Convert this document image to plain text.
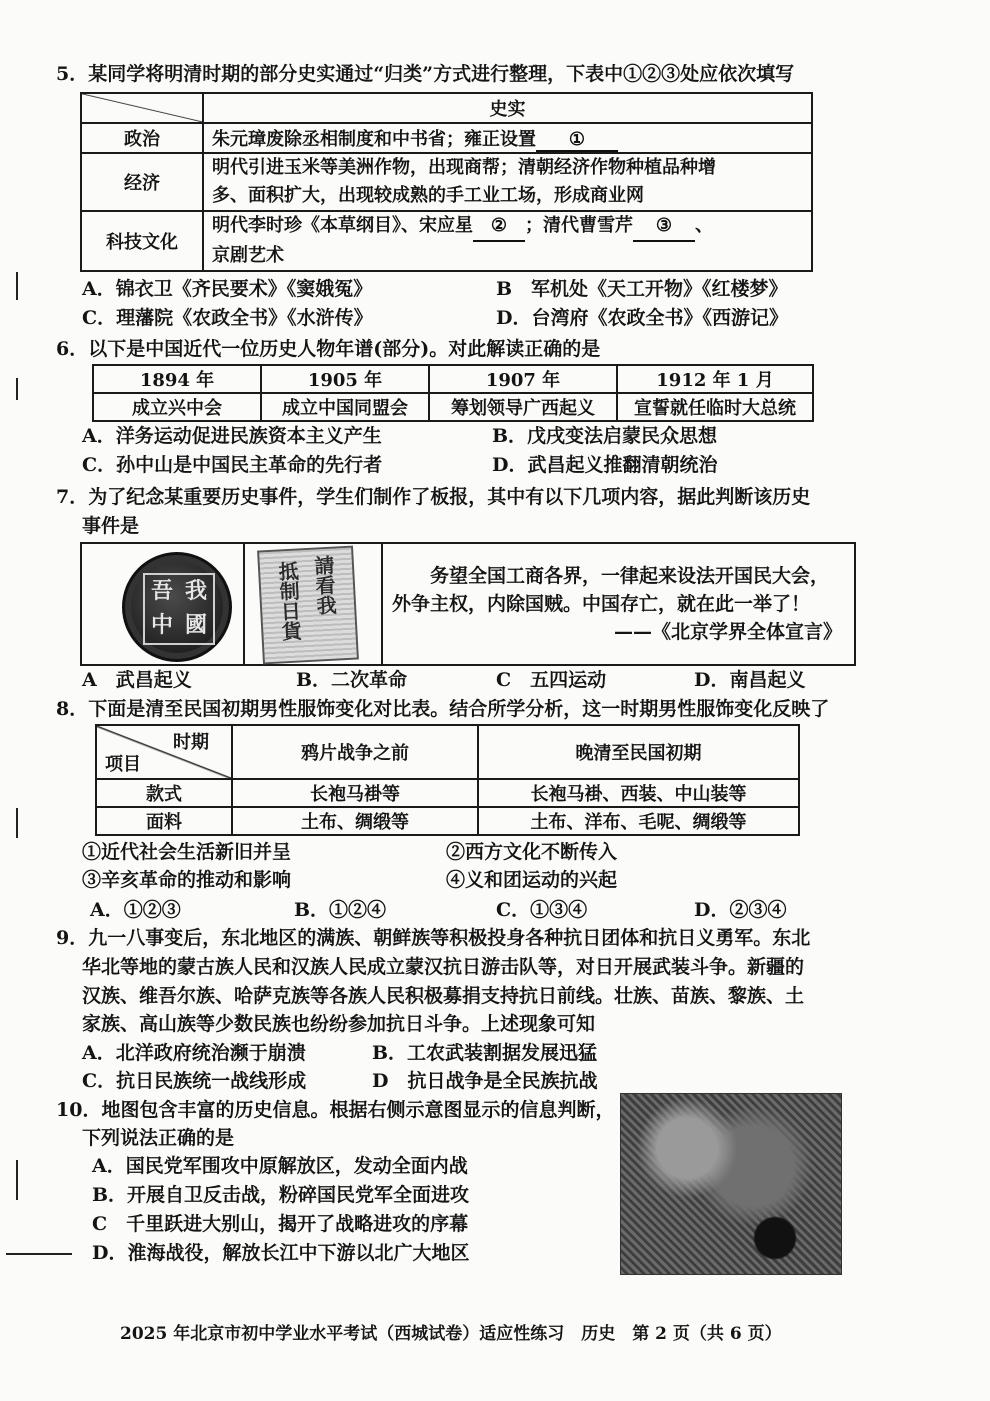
5．某同学将明清时期的部分史实通过“归类”方式进行整理，下表中①②③处应依次填写
	史实
政治	朱元璋废除丞相制度和中书省；雍正设置 ①
经济	明代引进玉米等美洲作物，出现商帮；清朝经济作物种植品种增
多、面积扩大，出现较成熟的手工业工场，形成商业网

科技文化	明代李时珍《本草纲目》、宋应星 ② ；清代曹雪芹 ③ 、
京剧艺术
A．锦衣卫《齐民要术》《窦娥冤》	B　军机处《天工开物》《红楼梦》
C．理藩院《农政全书》《水浒传》	D．台湾府《农政全书》《西游记》
6．以下是中国近代一位历史人物年谱(部分)。对此解读正确的是
1894 年	1905 年	1907 年	1912 年 1 月
成立兴中会	成立中国同盟会	筹划领导广西起义	宣誓就任临时大总统
A．洋务运动促进民族资本主义产生	B．戊戌变法启蒙民众思想
C．孙中山是中国民主革命的先行者	D．武昌起义推翻清朝统治
7．为了纪念某重要历史事件，学生们制作了板报，其中有以下几项内容，据此判断该历史
事件是
吾 我
中 國
請看我
抵制日貨	务望全国工商各界，一律起来设法开国民大会，
外争主权，内除国贼。中国存亡，就在此一举了！
——《北京学界全体宣言》
A　武昌起义	B．二次革命	C　五四运动	D．南昌起义
8．下面是清至民国初期男性服饰变化对比表。结合所学分析，这一时期男性服饰变化反映了
时期
项目	鸦片战争之前	晚清至民国初期
款式	长袍马褂等	长袍马褂、西装、中山装等
面料	土布、绸缎等	土布、洋布、毛呢、绸缎等
①近代社会生活新旧并呈	②西方文化不断传入
③辛亥革命的推动和影响	④义和团运动的兴起
A．①②③	B．①②④	C．①③④	D．②③④
9．九一八事变后，东北地区的满族、朝鲜族等积极投身各种抗日团体和抗日义勇军。东北
华北等地的蒙古族人民和汉族人民成立蒙汉抗日游击队等，对日开展武装斗争。新疆的
汉族、维吾尔族、哈萨克族等各族人民积极募捐支持抗日前线。壮族、苗族、黎族、土
家族、高山族等少数民族也纷纷参加抗日斗争。上述现象可知
A．北洋政府统治濒于崩溃	B．工农武装割据发展迅猛
C．抗日民族统一战线形成	D　抗日战争是全民族抗战
10．地图包含丰富的历史信息。根据右侧示意图显示的信息判断，
下列说法正确的是
A．国民党军围攻中原解放区，发动全面内战
B．开展自卫反击战，粉碎国民党军全面进攻
C　千里跃进大别山，揭开了战略进攻的序幕
D．淮海战役，解放长江中下游以北广大地区
2025 年北京市初中学业水平考试（西城试卷）适应性练习　历史　第 2 页（共 6 页）
